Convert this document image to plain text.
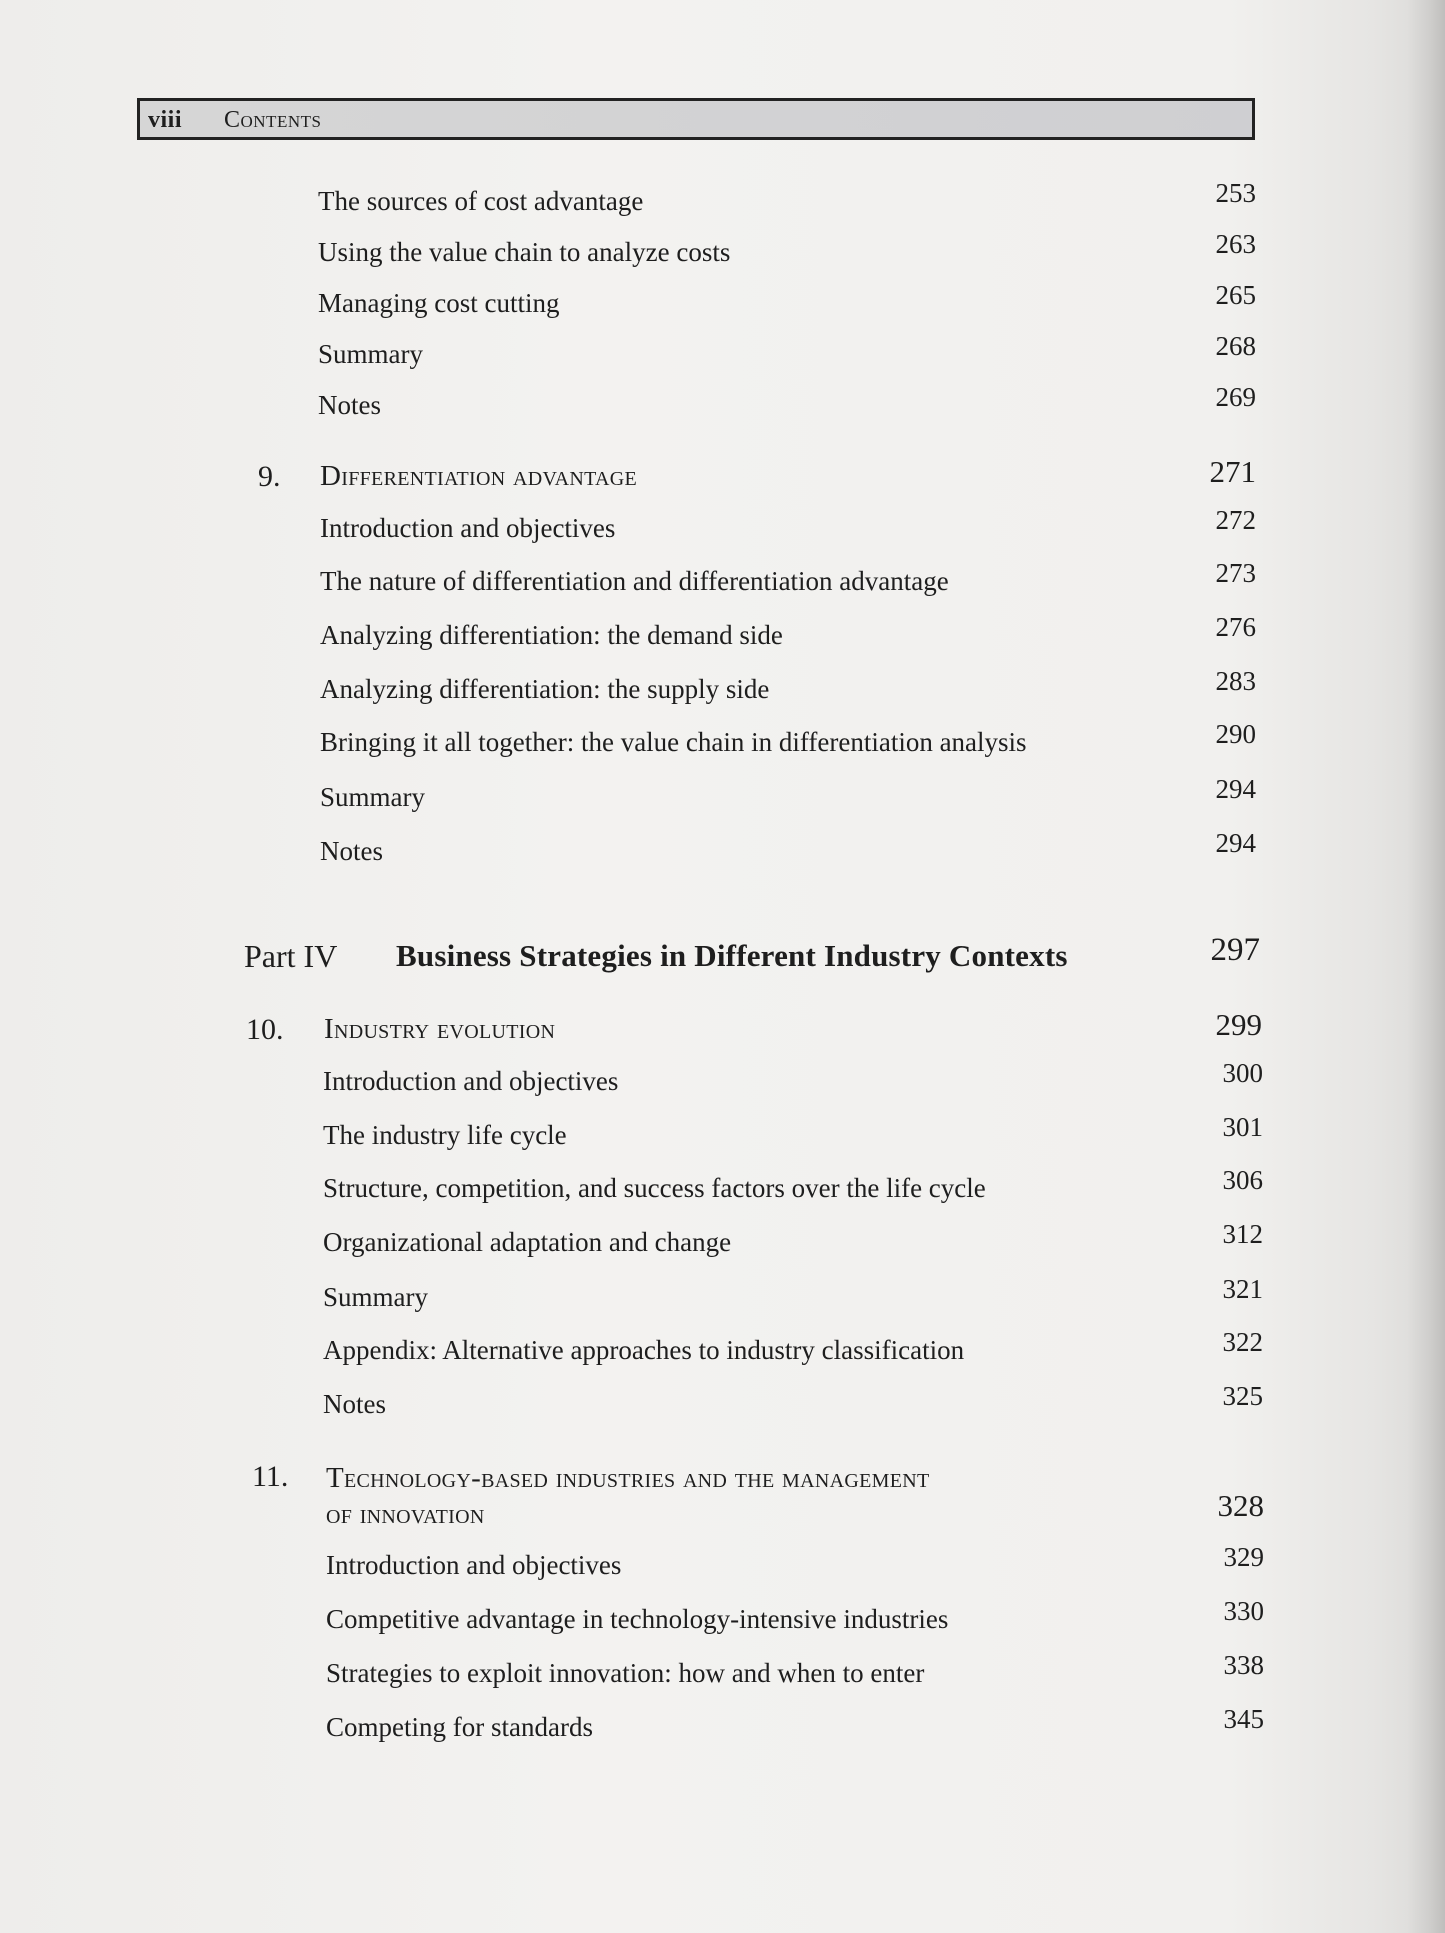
viii Contents
The sources of cost advantage	253
Using the value chain to analyze costs	263
Managing cost cutting	265
Summary	268
Notes	269
9. Differentiation advantage	271
Introduction and objectives	272
The nature of differentiation and differentiation advantage	273
Analyzing differentiation: the demand side	276
Analyzing differentiation: the supply side	283
Bringing it all together: the value chain in differentiation analysis	290
Summary	294
Notes	294
Part IV Business Strategies in Different Industry Contexts	297
10. Industry evolution	299
Introduction and objectives	300
The industry life cycle	301
Structure, competition, and success factors over the life cycle	306
Organizational adaptation and change	312
Summary	321
Appendix: Alternative approaches to industry classification	322
Notes	325
11. Technology-based industries and the management
of innovation	328
Introduction and objectives	329
Competitive advantage in technology-intensive industries	330
Strategies to exploit innovation: how and when to enter	338
Competing for standards	345
